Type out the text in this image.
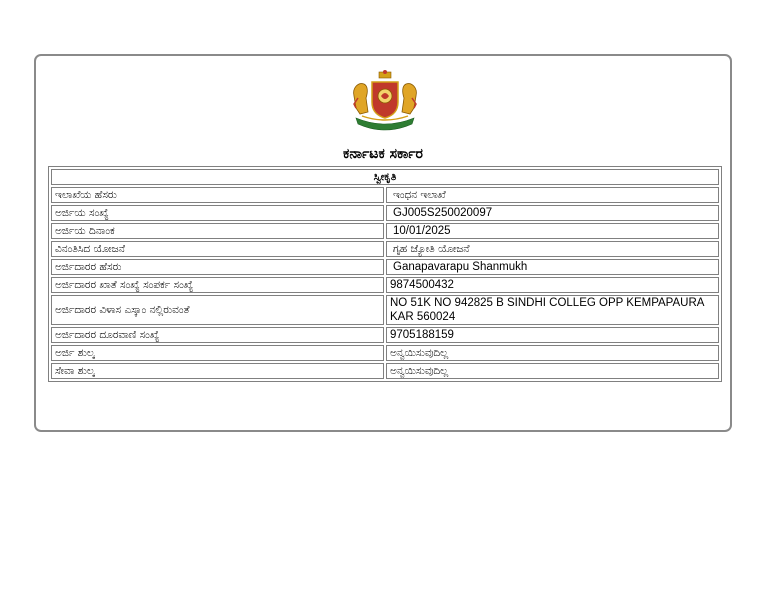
ಕರ್ನಾಟಕ ಸರ್ಕಾರ
ಸ್ವೀಕೃತಿ	
ಇಲಾಖೆಯ ಹೆಸರು	ಇಂಧನ ಇಲಾಖೆ
ಅರ್ಜಿಯ ಸಂಖ್ಯೆ	GJ005S250020097
ಅರ್ಜಿಯ ದಿನಾಂಕ	10/01/2025
ವಿನಂತಿಸಿದ ಯೋಜನೆ	ಗೃಹ ಜ್ಯೋತಿ ಯೋಜನೆ
ಅರ್ಜಿದಾರರ ಹೆಸರು	Ganapavarapu Shanmukh
ಅರ್ಜಿದಾರರ ಖಾತೆ ಸಂಖ್ಯೆ ಸಂಪರ್ಕ ಸಂಖ್ಯೆ	9874500432
ಅರ್ಜಿದಾರರ ವಿಳಾಸ ಎಸ್ಕಾಂ ನಲ್ಲಿರುವಂತೆ	NO 51K NO 942825 B SINDHI COLLEG OPP KEMPAPAURA KAR 560024
ಅರ್ಜಿದಾರರ ದೂರವಾಣಿ ಸಂಖ್ಯೆ	9705188159
ಅರ್ಜಿ ಶುಲ್ಕ	ಅನ್ವಯಿಸುವುದಿಲ್ಲ
ಸೇವಾ ಶುಲ್ಕ	ಅನ್ವಯಿಸುವುದಿಲ್ಲ
